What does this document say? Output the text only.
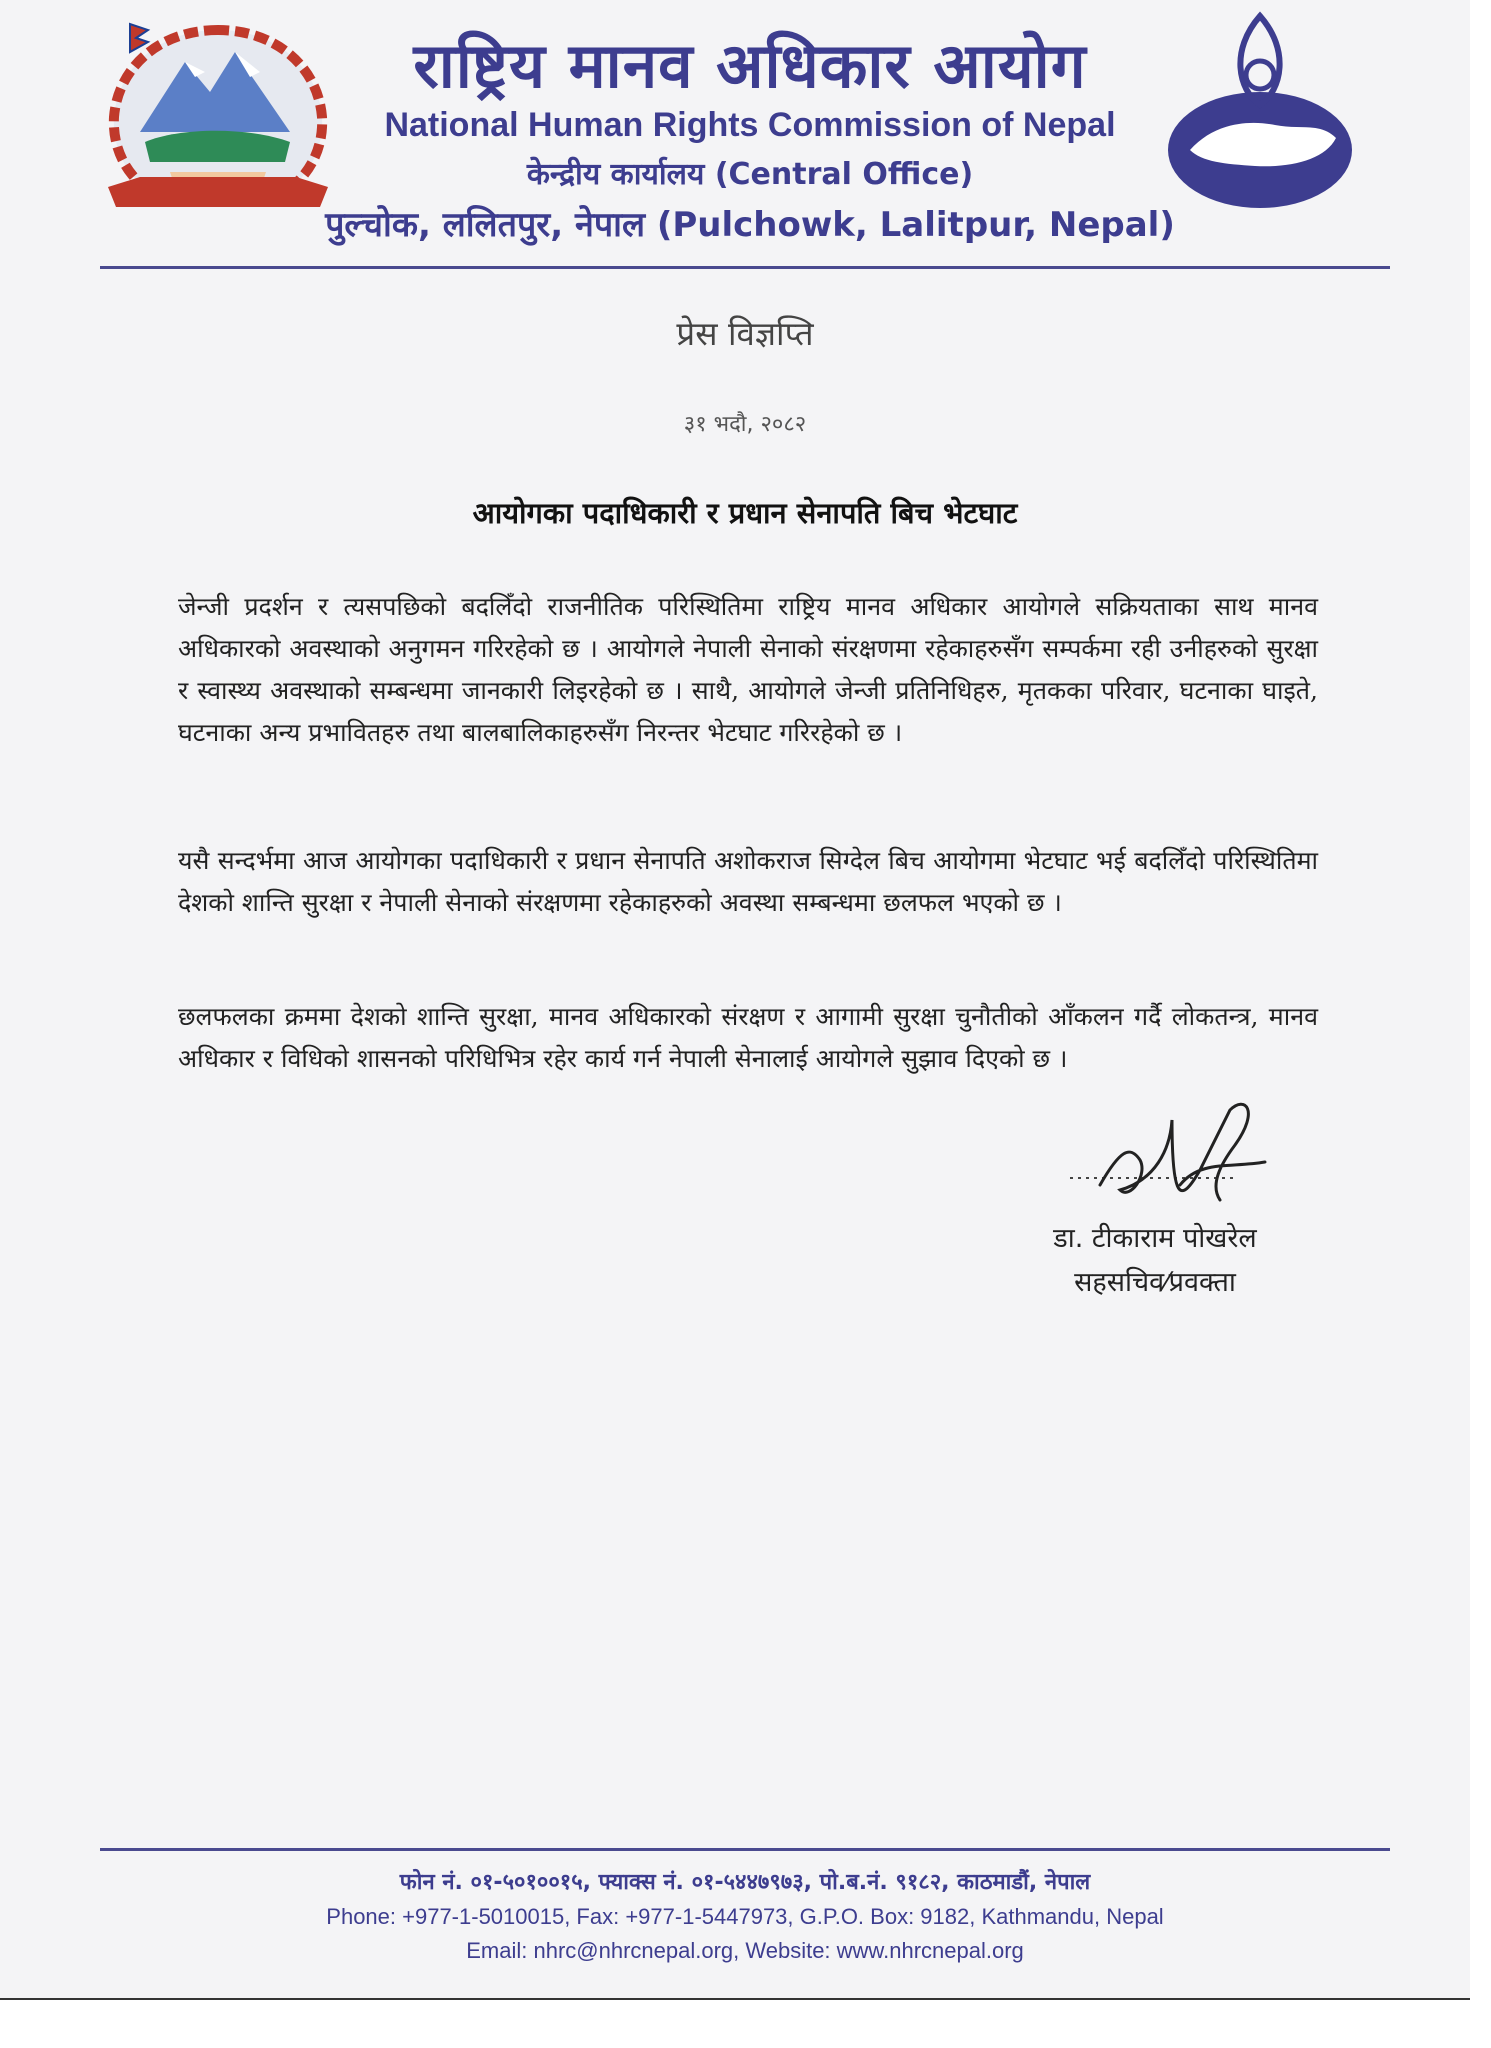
राष्ट्रिय मानव अधिकार आयोग
National Human Rights Commission of Nepal
केन्द्रीय कार्यालय (Central Office)
पुल्चोक, ललितपुर, नेपाल (Pulchowk, Lalitpur, Nepal)
प्रेस विज्ञप्ति
३१ भदौ, २०८२
आयोगका पदाधिकारी र प्रधान सेनापति बिच भेटघाट

जेन्जी प्रदर्शन र त्यसपछिको बदलिँदो राजनीतिक परिस्थितिमा राष्ट्रिय मानव अधिकार आयोगले सक्रियताका साथ मानव अधिकारको अवस्थाको अनुगमन गरिरहेको छ । आयोगले नेपाली सेनाको संरक्षणमा रहेकाहरुसँग सम्पर्कमा रही उनीहरुको सुरक्षा र स्वास्थ्य अवस्थाको सम्बन्धमा जानकारी लिइरहेको छ । साथै, आयोगले जेन्जी प्रतिनिधिहरु, मृतकका परिवार, घटनाका घाइते, घटनाका अन्य प्रभावितहरु तथा बालबालिकाहरुसँग निरन्तर भेटघाट गरिरहेको छ ।

यसै सन्दर्भमा आज आयोगका पदाधिकारी र प्रधान सेनापति अशोकराज सिग्देल बिच आयोगमा भेटघाट भई बदलिँदो परिस्थितिमा देशको शान्ति सुरक्षा र नेपाली सेनाको संरक्षणमा रहेकाहरुको अवस्था सम्बन्धमा छलफल भएको छ ।

छलफलका क्रममा देशको शान्ति सुरक्षा, मानव अधिकारको संरक्षण र आगामी सुरक्षा चुनौतीको आँकलन गर्दै लोकतन्त्र, मानव अधिकार र विधिको शासनको परिधिभित्र रहेर कार्य गर्न नेपाली सेनालाई आयोगले सुझाव दिएको छ ।

डा. टीकाराम पोखरेल
सहसचिव⁄प्रवक्ता
फोन नं. ०१-५०१००१५, फ्याक्स नं. ०१-५४४७९७३, पो.ब.नं. ९१८२, काठमाडौं, नेपाल
Phone: +977-1-5010015, Fax: +977-1-5447973, G.P.O. Box: 9182, Kathmandu, Nepal
Email: nhrc@nhrcnepal.org, Website: www.nhrcnepal.org
